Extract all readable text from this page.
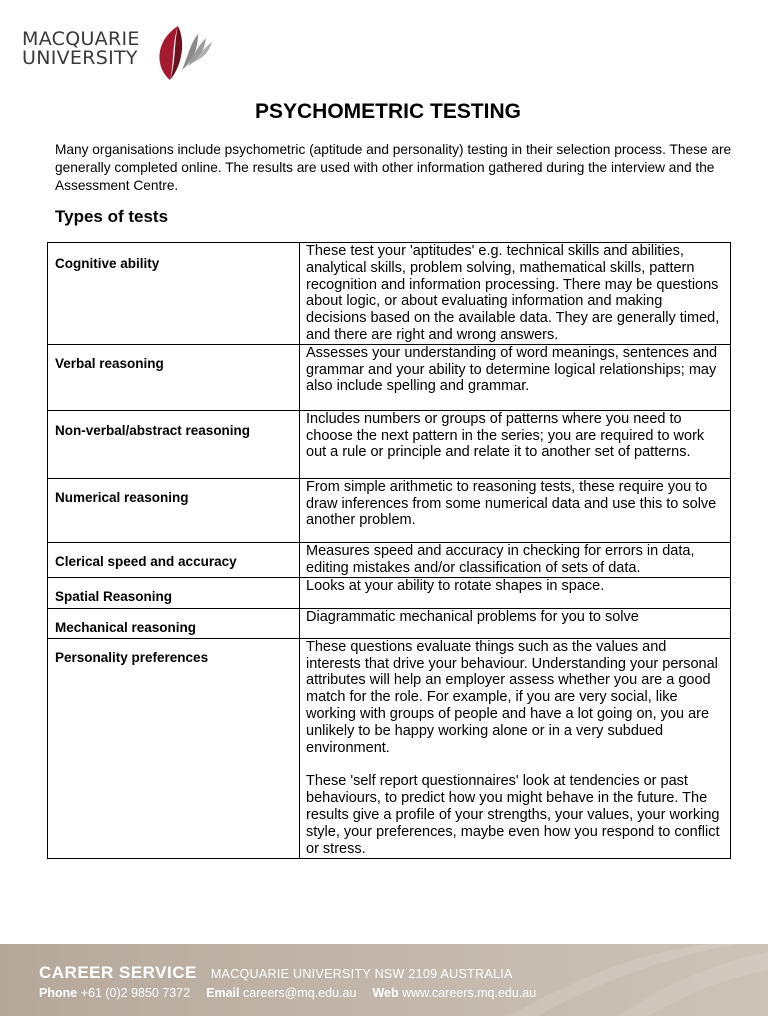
MACQUARIE
UNIVERSITY
PSYCHOMETRIC TESTING
Many organisations include psychometric (aptitude and personality) testing in their selection process. These are generally completed online. The results are used with other information gathered during the interview and the Assessment Centre.
Types of tests
Cognitive ability	These test your 'aptitudes' e.g. technical skills and abilities, analytical skills, problem solving, mathematical skills, pattern recognition and information processing. There may be questions about logic, or about evaluating information and making decisions based on the available data. They are generally timed, and there are right and wrong answers.

Verbal reasoning	Assesses your understanding of word meanings, sentences and grammar and your ability to determine logical relationships; may also include spelling and grammar.

Non-verbal/abstract reasoning	Includes numbers or groups of patterns where you need to choose the next pattern in the series; you are required to work out a rule or principle and relate it to another set of patterns.

Numerical reasoning	From simple arithmetic to reasoning tests, these require you to draw inferences from some numerical data and use this to solve another problem.

Clerical speed and accuracy	Measures speed and accuracy in checking for errors in data, editing mistakes and/or classification of sets of data.

Spatial Reasoning	Looks at your ability to rotate shapes in space.

Mechanical reasoning	Diagrammatic mechanical problems for you to solve

Personality preferences	These questions evaluate things such as the values and interests that drive your behaviour. Understanding your personal attributes will help an employer assess whether you are a good match for the role. For example, if you are very social, like working with groups of people and have a lot going on, you are unlikely to be happy working alone or in a very subdued environment.
These 'self report questionnaires' look at tendencies or past behaviours, to predict how you might behave in the future. The results give a profile of your strengths, your values, your working style, your preferences, maybe even how you respond to conflict or stress.
CAREER SERVICE MACQUARIE UNIVERSITY NSW 2109 AUSTRALIA
Phone +61 (0)2 9850 7372 Email careers@mq.edu.au Web www.careers.mq.edu.au
